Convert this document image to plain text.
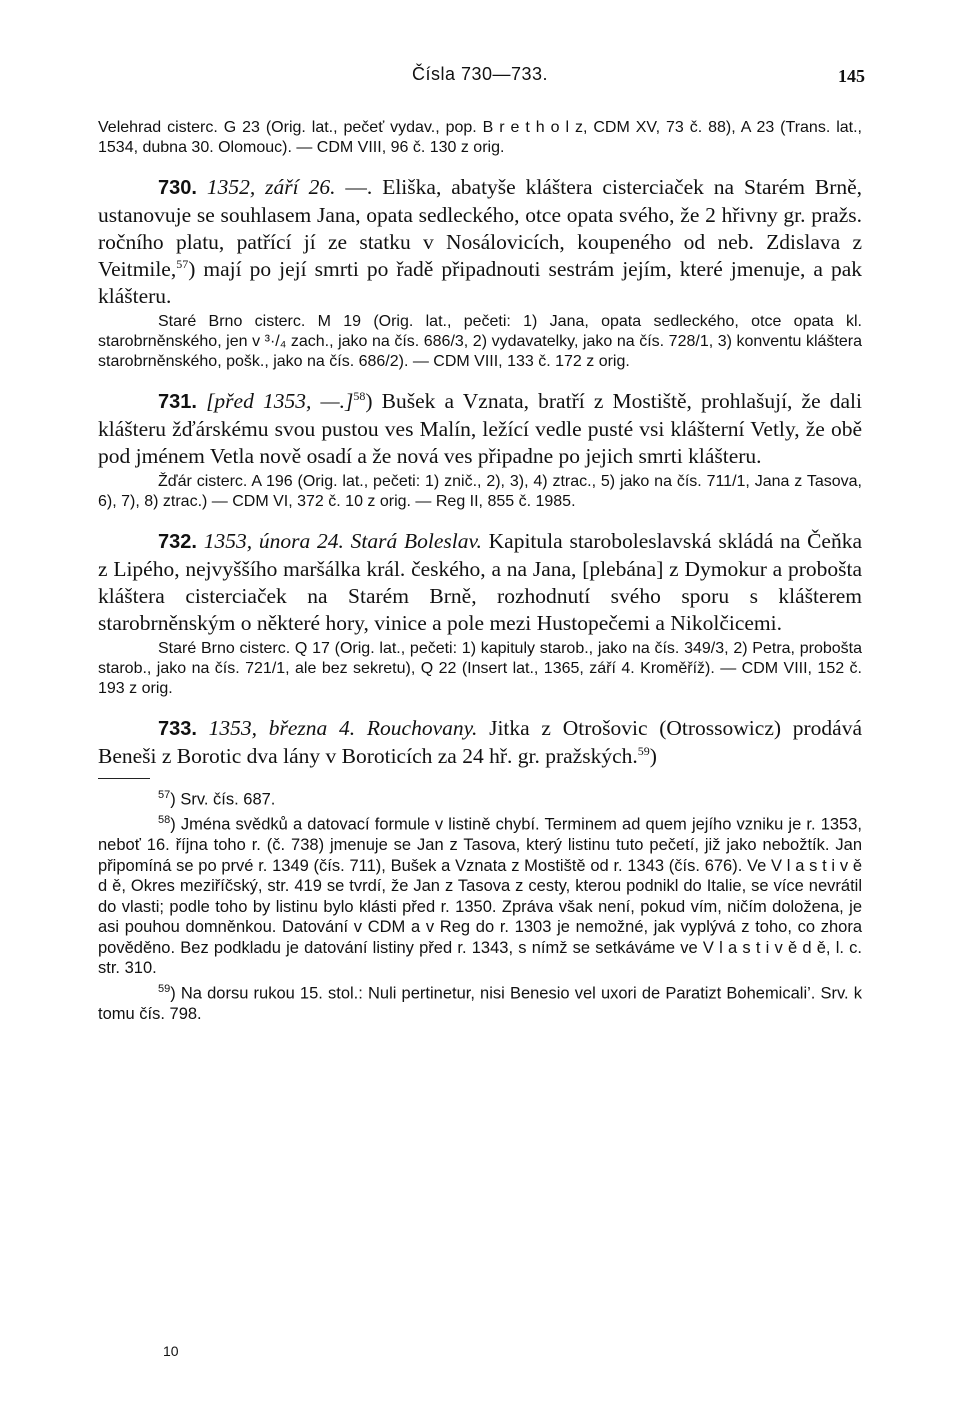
Čísla 730—733.	145

Velehrad cisterc. G 23 (Orig. lat., pečeť vydav., pop. B r e t h o l z, CDM XV, 73 č. 88), A 23 (Trans. lat., 1534, dubna 30. Olomouc). — CDM VIII, 96 č. 130 z orig.

730. 1352, září 26. —. Eliška, abatyše kláštera cisterciaček na Starém Brně, ustanovuje se souhlasem Jana, opata sedleckého, otce opata svého, že 2 hřivny gr. pražs. ročního platu, patřící jí ze statku v Nosálovicích, koupeného od neb. Zdislava z Veitmile,$^{57}$) mají po její smrti po řadě připadnouti sestrám jejím, které jmenuje, a pak klášteru.

Staré Brno cisterc. M 19 (Orig. lat., pečeti: 1) Jana, opata sedleckého, otce opata kl. starobrněnského, jen v ³·/₄ zach., jako na čís. 686/3, 2) vydavatelky, jako na čís. 728/1, 3) konventu kláštera starobrněnského, pošk., jako na čís. 686/2). — CDM VIII, 133 č. 172 z orig.

731. [před 1353, —.]$^{58}$) Bušek a Vznata, bratří z Mostiště, prohlašují, že dali klášteru žďárskému svou pustou ves Malín, ležící vedle pusté vsi klášterní Vetly, že obě pod jménem Vetla nově osadí a že nová ves připadne po jejich smrti klášteru.

Žďár cisterc. A 196 (Orig. lat., pečeti: 1) znič., 2), 3), 4) ztrac., 5) jako na čís. 711/1, Jana z Tasova, 6), 7), 8) ztrac.) — CDM VI, 372 č. 10 z orig. — Reg II, 855 č. 1985.

732. 1353, února 24. Stará Boleslav. Kapitula staroboleslavská skládá na Čeňka z Lipého, nejvyššího maršálka král. českého, a na Jana, [plebána] z Dymokur a probošta kláštera cisterciaček na Starém Brně, rozhodnutí svého sporu s klášterem starobrněnským o některé hory, vinice a pole mezi Hustopečemi a Nikolčicemi.

Staré Brno cisterc. Q 17 (Orig. lat., pečeti: 1) kapituly starob., jako na čís. 349/3, 2) Petra, probošta starob., jako na čís. 721/1, ale bez sekretu), Q 22 (Insert lat., 1365, září 4. Kroměříž). — CDM VIII, 152 č. 193 z orig.

733. 1353, března 4. Rouchovany. Jitka z Otrošovic (Otrossowicz) prodává Beneši z Borotic dva lány v Boroticích za 24 hř. gr. pražských.$^{59}$)

$^{57}$) Srv. čís. 687.

$^{58}$) Jména svědků a datovací formule v listině chybí. Terminem ad quem jejího vzniku je r. 1353, neboť 16. října toho r. (č. 738) jmenuje se Jan z Tasova, který listinu tuto pečetí, již jako nebožtík. Jan připomíná se po prvé r. 1349 (čís. 711), Bušek a Vznata z Mostiště od r. 1343 (čís. 676). Ve V l a s t i v ě d ě, Okres meziříčský, str. 419 se tvrdí, že Jan z Tasova z cesty, kterou podnikl do Italie, se více nevrátil do vlasti; podle toho by listinu bylo klásti před r. 1350. Zpráva však není, pokud vím, ničím doložena, je asi pouhou domněnkou. Datování v CDM a v Reg do r. 1303 je nemožné, jak vyplývá z toho, co zhora pověděno. Bez podkladu je datování listiny před r. 1343, s nímž se setkáváme ve V l a s t i v ě d ě, l. c. str. 310.

$^{59}$) Na dorsu rukou 15. stol.: Nuli pertinetur, nisi Benesio vel uxori de Paratizt Bohemicali’. Srv. k tomu čís. 798.

10
